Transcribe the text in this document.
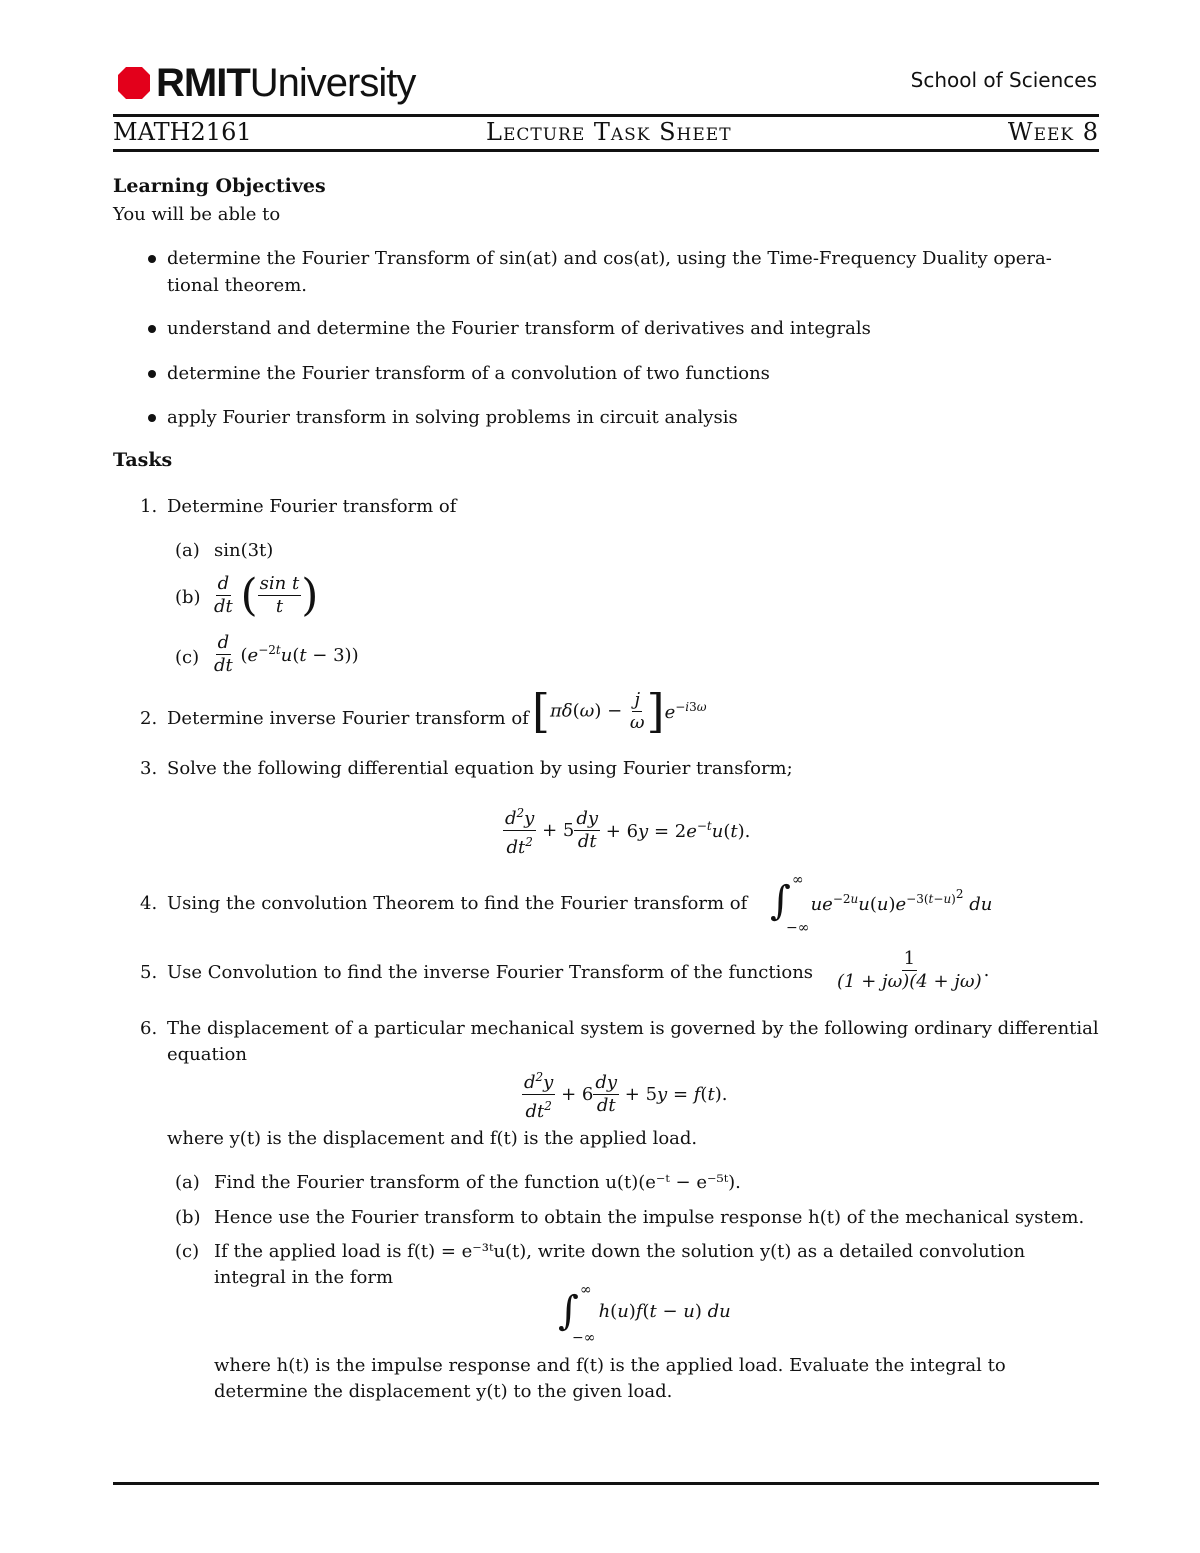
RMIT University	School of Sciences
MATH2161	Lecture Task Sheet	Week 8
Learning Objectives
You will be able to
determine the Fourier Transform of sin(at) and cos(at), using the Time-Frequency Duality opera-
tional theorem.
understand and determine the Fourier transform of derivatives and integrals
determine the Fourier transform of a convolution of two functions
apply Fourier transform in solving problems in circuit analysis
Tasks
1. Determine Fourier transform of
(a) sin(3t)
$(b) \frac{d}{dt}$ ( $\frac{\text{sin t}}{t}$ )
$(c) \frac{d}{dt} (e^{-2t}u(t - 3))$
2. Determine inverse Fourier transform of $[\pi\delta(\omega) - \frac{j}{\omega} ]e^{-i3\omega}$
3. Solve the following differential equation by using Fourier transform;
$\frac{d^2y}{dt^2} + 5 \frac{dy}{dt} + 6y = 2e^{-t}u(t)$.
4. Using the convolution Theorem to find the Fourier transform of ∫ ∞
−∞
$ue^{-2u}u(u)e^{-3(t-u)^2}$ du
5. Use Convolution to find the inverse Fourier Transform of the functions $\frac{1}{(1 + j\omega)(4 + j\omega)}$ .
6. The displacement of a particular mechanical system is governed by the following ordinary differential
equation
$\frac{d^2y}{dt^2} + 6 \frac{dy}{dt} + 5y = f(t)$.
where y(t) is the displacement and f(t) is the applied load.
(a) Find the Fourier transform of the function u(t)(e⁻ᵗ − e⁻⁵ᵗ).
(b) Hence use the Fourier transform to obtain the impulse response h(t) of the mechanical system.
(c) If the applied load is f(t) = e⁻³ᵗu(t), write down the solution y(t) as a detailed convolution
integral in the form
∫ ∞
−∞
h(u)f(t − u) du
where h(t) is the impulse response and f(t) is the applied load. Evaluate the integral to
determine the displacement y(t) to the given load.
